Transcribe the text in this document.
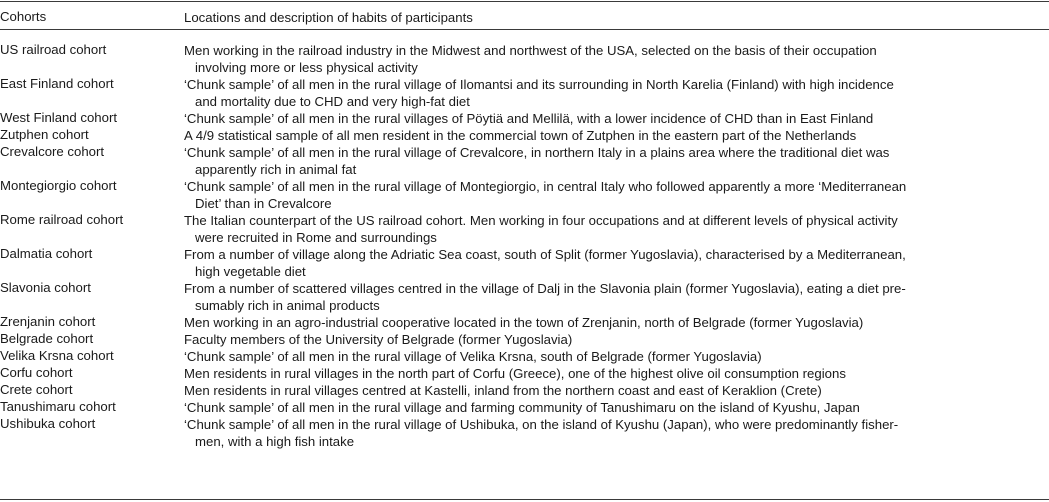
Cohorts	Locations and description of habits of participants
US railroad cohort	Men working in the railroad industry in the Midwest and northwest of the USA, selected on the basis of their occupation
involving more or less physical activity
East Finland cohort	‘Chunk sample’ of all men in the rural village of Ilomantsi and its surrounding in North Karelia (Finland) with high incidence
and mortality due to CHD and very high-fat diet
West Finland cohort	‘Chunk sample’ of all men in the rural villages of Pöytiä and Mellilä, with a lower incidence of CHD than in East Finland
Zutphen cohort	A 4/9 statistical sample of all men resident in the commercial town of Zutphen in the eastern part of the Netherlands
Crevalcore cohort	‘Chunk sample’ of all men in the rural village of Crevalcore, in northern Italy in a plains area where the traditional diet was
apparently rich in animal fat
Montegiorgio cohort	‘Chunk sample’ of all men in the rural village of Montegiorgio, in central Italy who followed apparently a more ‘Mediterranean
Diet’ than in Crevalcore
Rome railroad cohort	The Italian counterpart of the US railroad cohort. Men working in four occupations and at different levels of physical activity
were recruited in Rome and surroundings
Dalmatia cohort	From a number of village along the Adriatic Sea coast, south of Split (former Yugoslavia), characterised by a Mediterranean,
high vegetable diet
Slavonia cohort	From a number of scattered villages centred in the village of Dalj in the Slavonia plain (former Yugoslavia), eating a diet pre-
sumably rich in animal products
Zrenjanin cohort	Men working in an agro-industrial cooperative located in the town of Zrenjanin, north of Belgrade (former Yugoslavia)
Belgrade cohort	Faculty members of the University of Belgrade (former Yugoslavia)
Velika Krsna cohort	‘Chunk sample’ of all men in the rural village of Velika Krsna, south of Belgrade (former Yugoslavia)
Corfu cohort	Men residents in rural villages in the north part of Corfu (Greece), one of the highest olive oil consumption regions
Crete cohort	Men residents in rural villages centred at Kastelli, inland from the northern coast and east of Keraklion (Crete)
Tanushimaru cohort	‘Chunk sample’ of all men in the rural village and farming community of Tanushimaru on the island of Kyushu, Japan
Ushibuka cohort	‘Chunk sample’ of all men in the rural village of Ushibuka, on the island of Kyushu (Japan), who were predominantly fisher-
men, with a high fish intake
